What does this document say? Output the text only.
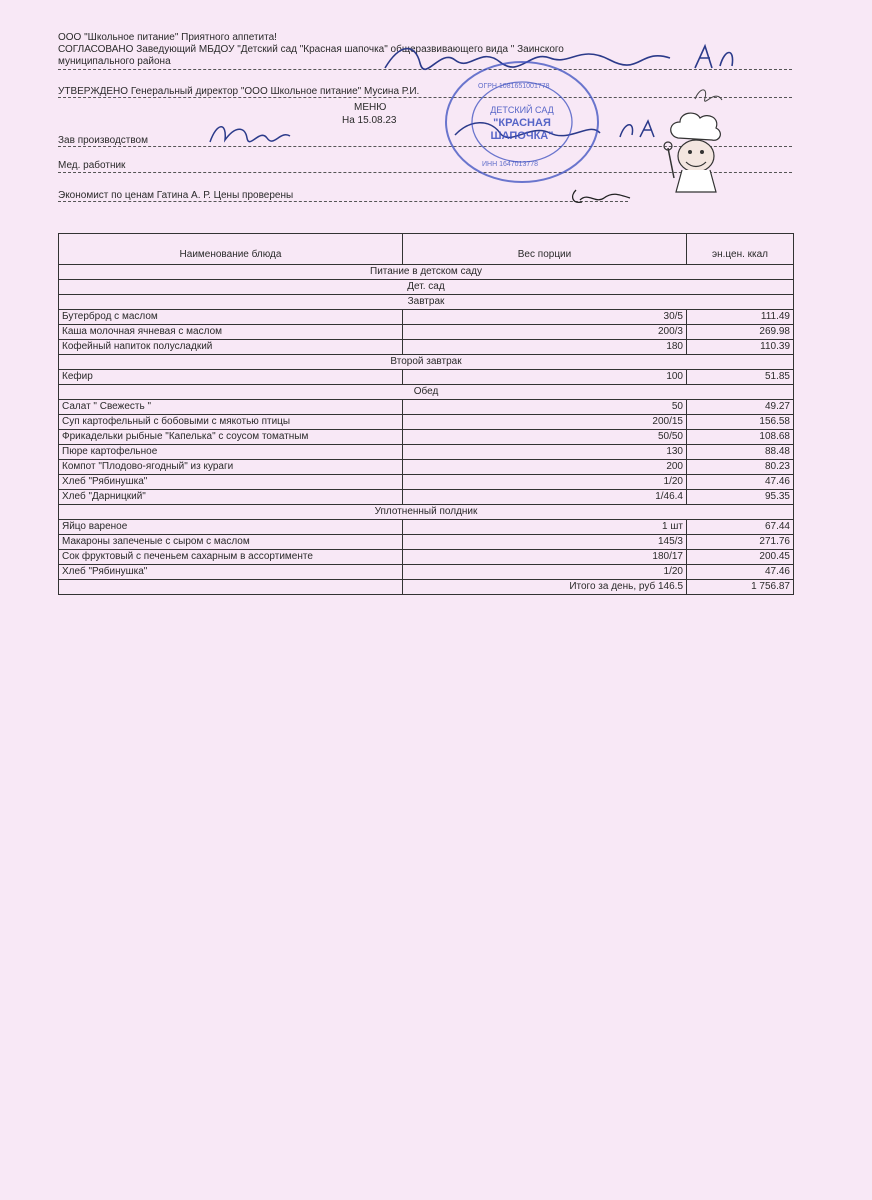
ООО "Школьное питание" Приятного аппетита!
СОГЛАСОВАНО Заведующий МБДОУ "Детский сад "Красная шапочка" общеразвивающего вида " Заинского
муниципального района
УТВЕРЖДЕНО Генеральный директор "ООО Школьное питание" Мусина Р.И.
МЕНЮ
На 15.08.23
Зав производством
Мед. работник
Экономист по ценам Гатина А. Р. Цены проверены
ДЕТСКИЙ САД
"КРАСНАЯ
ШАПОЧКА"
ОГРН 1081651001778
ИНН 1647013778
Наименование блюда	Вес порции	эн.цен. ккал
Питание в детском саду		
Дет. сад		
Завтрак		
Бутерброд с маслом	30/5	111.49
Каша молочная ячневая с маслом	200/3	269.98
Кофейный напиток полусладкий	180	110.39
Второй завтрак		
Кефир	100	51.85
Обед		
Салат " Свежесть "	50	49.27
Суп картофельный с бобовыми с мякотью птицы	200/15	156.58
Фрикадельки рыбные "Капелька" с соусом томатным	50/50	108.68
Пюре картофельное	130	88.48
Компот "Плодово-ягодный" из кураги	200	80.23
Хлеб "Рябинушка"	1/20	47.46
Хлеб "Дарницкий"	1/46.4	95.35
Уплотненный полдник		
Яйцо вареное	1 шт	67.44
Макароны запеченые с сыром с маслом	145/3	271.76
Сок фруктовый с печеньем сахарным в ассортименте	180/17	200.45
Хлеб "Рябинушка"	1/20	47.46
	Итого за день, руб 146.5	1 756.87
